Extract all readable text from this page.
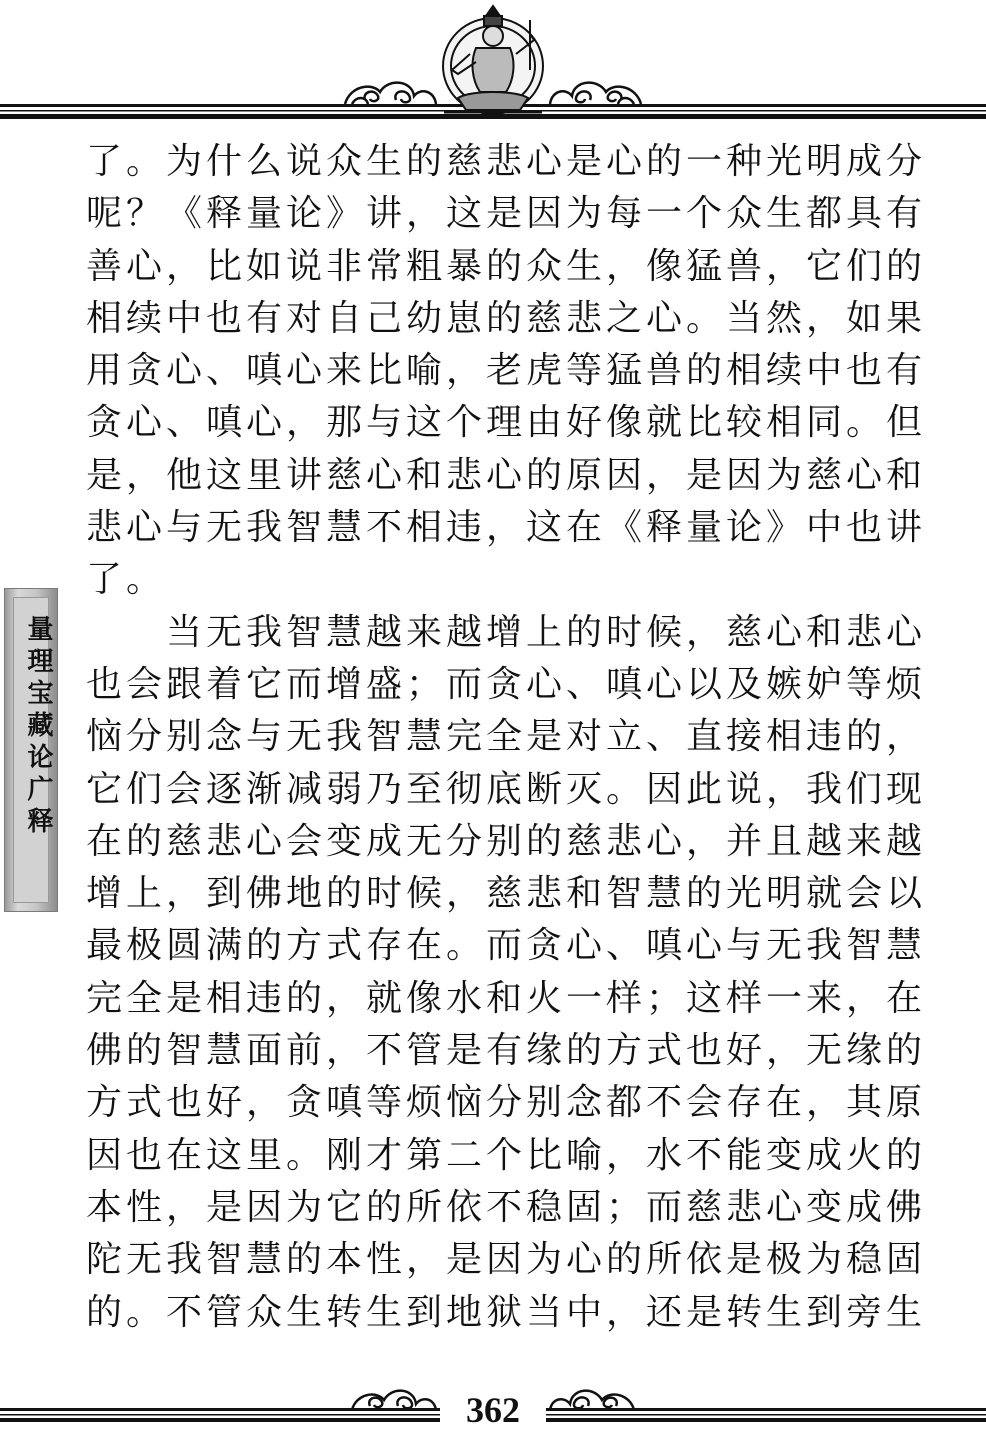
量理宝藏论广释
了。为什么说众生的慈悲心是心的一种光明成分
呢？《释量论》讲，这是因为每一个众生都具有
善心，比如说非常粗暴的众生，像猛兽，它们的
相续中也有对自己幼崽的慈悲之心。当然，如果
用贪心、嗔心来比喻，老虎等猛兽的相续中也有
贪心、嗔心，那与这个理由好像就比较相同。但
是，他这里讲慈心和悲心的原因，是因为慈心和
悲心与无我智慧不相违，这在《释量论》中也讲
了。
　　当无我智慧越来越增上的时候，慈心和悲心
也会跟着它而增盛；而贪心、嗔心以及嫉妒等烦
恼分别念与无我智慧完全是对立、直接相违的，
它们会逐渐减弱乃至彻底断灭。因此说，我们现
在的慈悲心会变成无分别的慈悲心，并且越来越
增上，到佛地的时候，慈悲和智慧的光明就会以
最极圆满的方式存在。而贪心、嗔心与无我智慧
完全是相违的，就像水和火一样；这样一来，在
佛的智慧面前，不管是有缘的方式也好，无缘的
方式也好，贪嗔等烦恼分别念都不会存在，其原
因也在这里。刚才第二个比喻，水不能变成火的
本性，是因为它的所依不稳固；而慈悲心变成佛
陀无我智慧的本性，是因为心的所依是极为稳固
的。不管众生转生到地狱当中，还是转生到旁生
362
